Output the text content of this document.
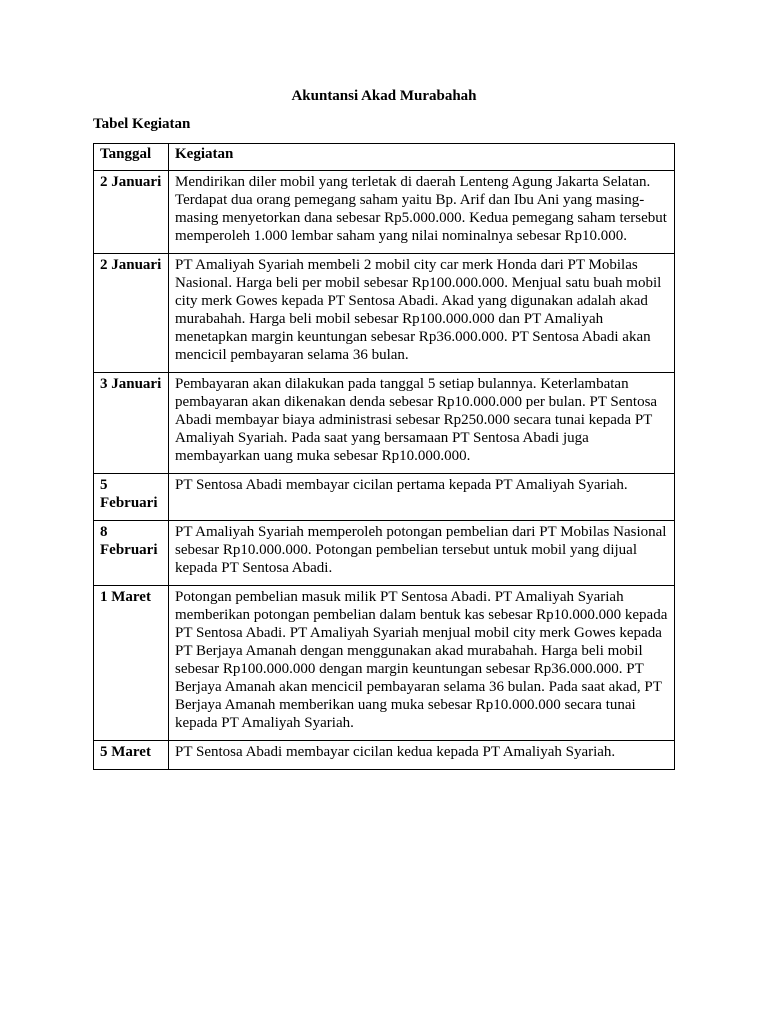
Akuntansi Akad Murabahah
Tabel Kegiatan
Tanggal	Kegiatan
2 Januari	Mendirikan diler mobil yang terletak di daerah Lenteng Agung Jakarta Selatan. Terdapat dua orang pemegang saham yaitu Bp. Arif dan Ibu Ani yang masing-masing menyetorkan dana sebesar Rp5.000.000. Kedua pemegang saham tersebut memperoleh 1.000 lembar saham yang nilai nominalnya sebesar Rp10.000.
2 Januari	PT Amaliyah Syariah membeli 2 mobil city car merk Honda dari PT Mobilas Nasional. Harga beli per mobil sebesar Rp100.000.000. Menjual satu buah mobil city merk Gowes kepada PT Sentosa Abadi. Akad yang digunakan adalah akad murabahah. Harga beli mobil sebesar Rp100.000.000 dan PT Amaliyah menetapkan margin keuntungan sebesar Rp36.000.000. PT Sentosa Abadi akan mencicil pembayaran selama 36 bulan.
3 Januari	Pembayaran akan dilakukan pada tanggal 5 setiap bulannya. Keterlambatan pembayaran akan dikenakan denda sebesar Rp10.000.000 per bulan. PT Sentosa Abadi membayar biaya administrasi sebesar Rp250.000 secara tunai kepada PT Amaliyah Syariah. Pada saat yang bersamaan PT Sentosa Abadi juga membayarkan uang muka sebesar Rp10.000.000.
5 Februari	PT Sentosa Abadi membayar cicilan pertama kepada PT Amaliyah Syariah.
8 Februari	PT Amaliyah Syariah memperoleh potongan pembelian dari PT Mobilas Nasional sebesar Rp10.000.000. Potongan pembelian tersebut untuk mobil yang dijual kepada PT Sentosa Abadi.
1 Maret	Potongan pembelian masuk milik PT Sentosa Abadi. PT Amaliyah Syariah memberikan potongan pembelian dalam bentuk kas sebesar Rp10.000.000 kepada PT Sentosa Abadi. PT Amaliyah Syariah menjual mobil city merk Gowes kepada PT Berjaya Amanah dengan menggunakan akad murabahah. Harga beli mobil sebesar Rp100.000.000 dengan margin keuntungan sebesar Rp36.000.000. PT Berjaya Amanah akan mencicil pembayaran selama 36 bulan. Pada saat akad, PT Berjaya Amanah memberikan uang muka sebesar Rp10.000.000 secara tunai kepada PT Amaliyah Syariah.
5 Maret	PT Sentosa Abadi membayar cicilan kedua kepada PT Amaliyah Syariah.
